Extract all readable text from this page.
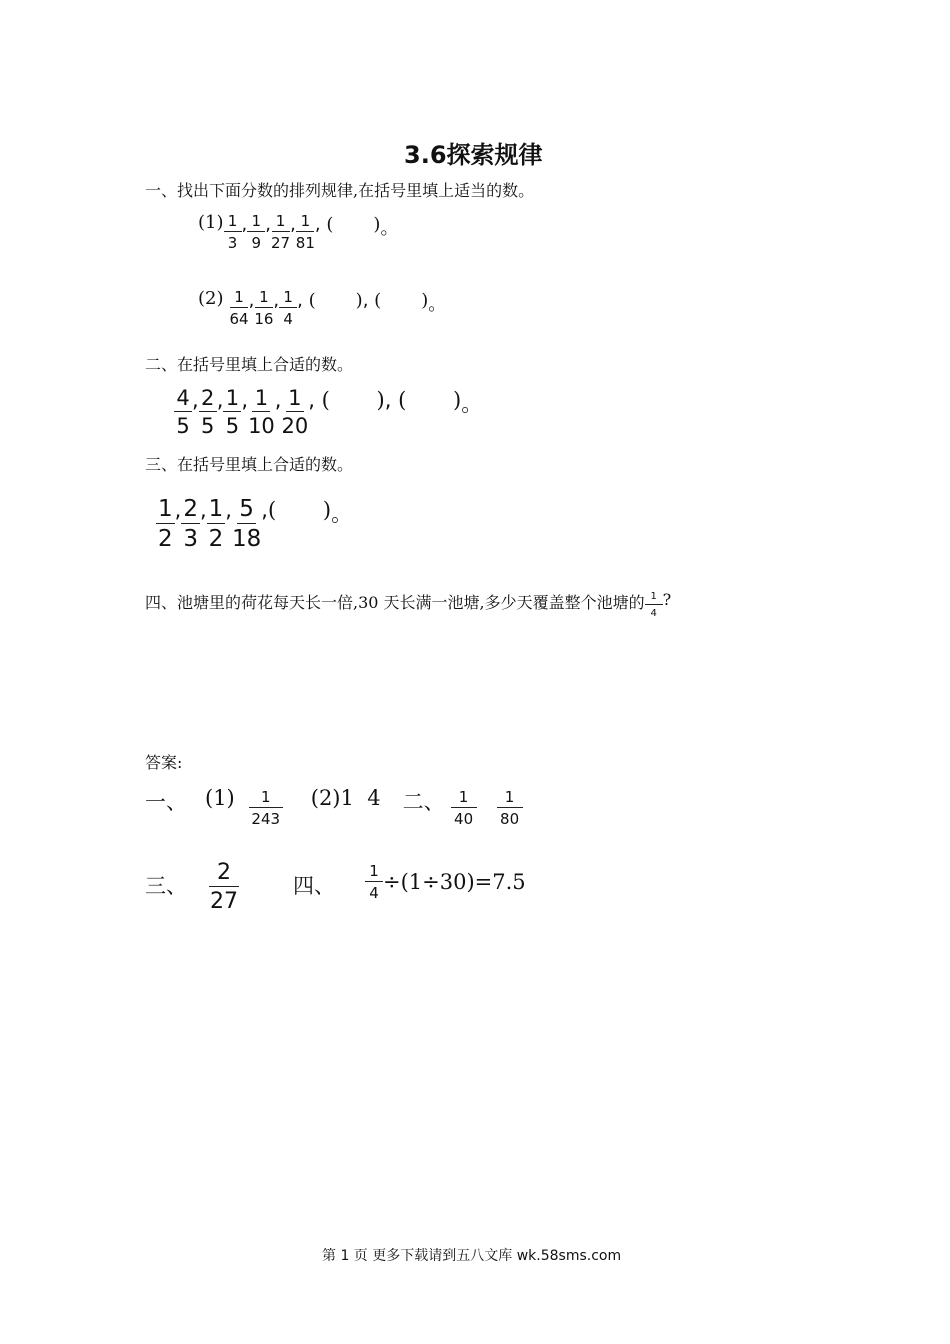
3.6探索规律
一、找出下面分数的排列规律,在括号里填上适当的数。
$(1) \frac{1}{3}$ , $\frac{1}{9}$ , $\frac{1}{27}$ , $\frac{1}{81}$ , (       ) 。
$(2) \frac{1}{64}$ , $\frac{1}{16}$ , $\frac{1}{4}$ , (       ) , (       ) 。
二、在括号里填上合适的数。
$\frac{4}{5}$ , $\frac{2}{5}$ , $\frac{1}{5}$ , $\frac{1}{10}$ , $\frac{1}{20}$ , (       ) , (       ) 。
三、在括号里填上合适的数。
$\frac{1}{2}$ , $\frac{2}{3}$ , $\frac{1}{2}$ , $\frac{5}{18}$ , (       ) 。
四、池塘里的荷花每天长一倍,30 天长满一池塘,多少天覆盖整个池塘的 $\frac{1}{4}$ ?
答案:
一、 $(1) \frac{1}{243} (2)1$  4 二、 $\frac{1}{40} \frac{1}{80}$
三、 $\frac{2}{27}$	四、 $\frac{1}{4} \div(1\div 30)=7.5$
第 1 页 更多下载请到五八文库 wk.58sms.com
